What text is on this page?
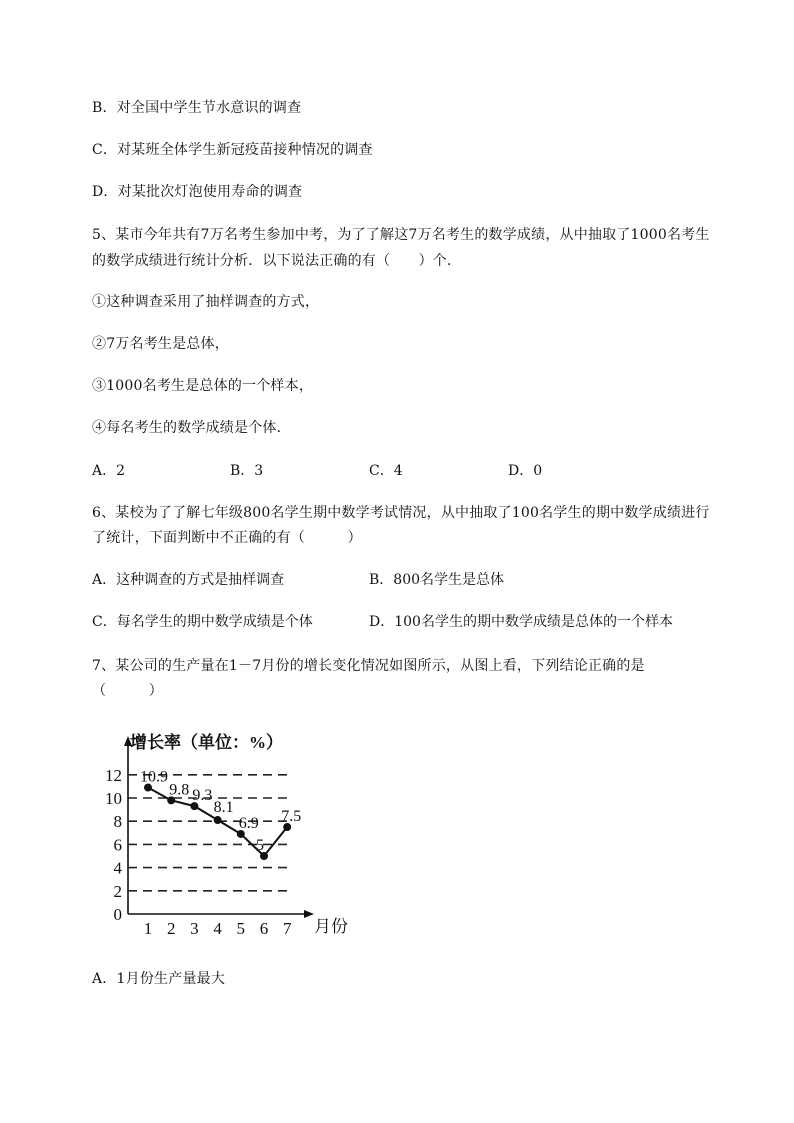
B．对全国中学生节水意识的调查
C．对某班全体学生新冠疫苗接种情况的调查
D．对某批次灯泡使用寿命的调查
5、某市今年共有7万名考生参加中考，为了了解这7万名考生的数学成绩，从中抽取了1000名考生
的数学成绩进行统计分析．以下说法正确的有（　　）个．
①这种调查采用了抽样调查的方式，
②7万名考生是总体，
③1000名考生是总体的一个样本，
④每名考生的数学成绩是个体．
A．2	B．3	C．4	D．0
6、某校为了了解七年级800名学生期中数学考试情况，从中抽取了100名学生的期中数学成绩进行
了统计，下面判断中不正确的有（　　　）
A．这种调查的方式是抽样调查	B．800名学生是总体
C．每名学生的期中数学成绩是个体	D．100名学生的期中数学成绩是总体的一个样本
7、某公司的生产量在1－7月份的增长变化情况如图所示，从图上看，下列结论正确的是
（　　　）
0
2
4
6
8
10
12
1 2 3 4 5 6 7
10.9
9.8 9.3
8.1
6.9
5
7.5
增长率（单位：%）
月份
A．1月份生产量最大
